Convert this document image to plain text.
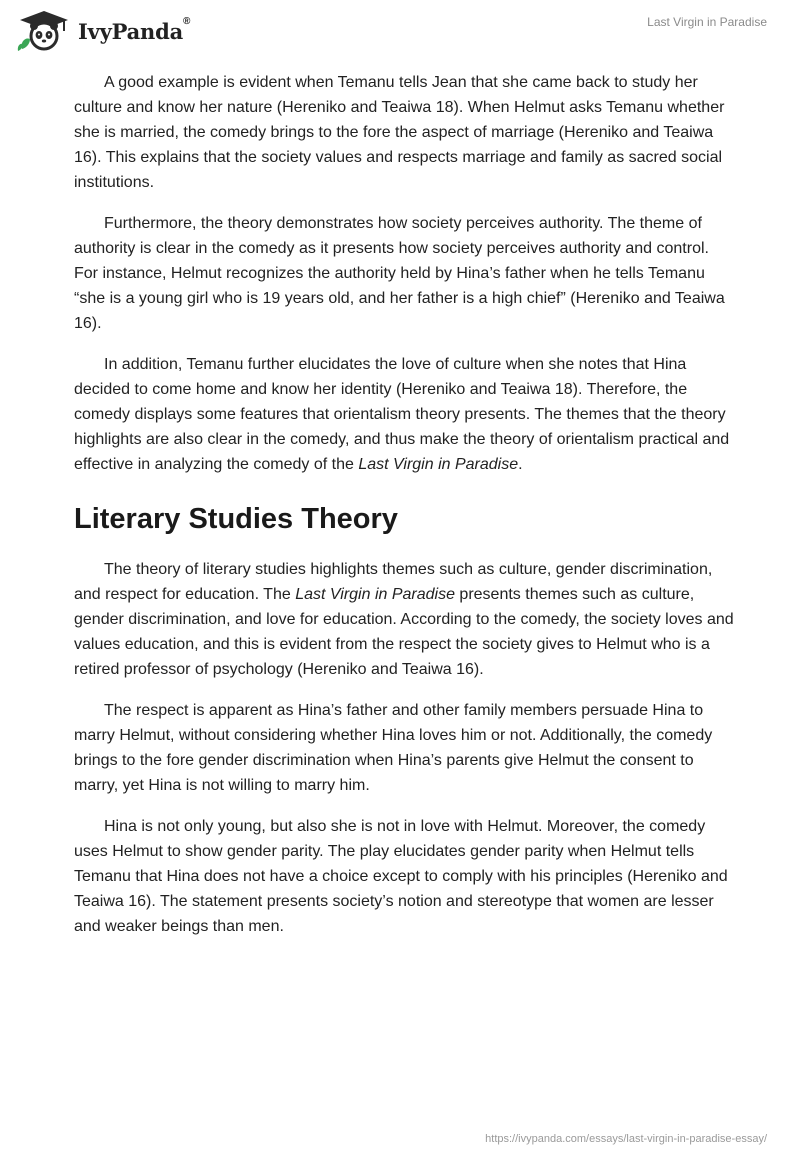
IvyPanda®	Last Virgin in Paradise

A good example is evident when Temanu tells Jean that she came back to study her culture and know her nature (Hereniko and Teaiwa 18). When Helmut asks Temanu whether she is married, the comedy brings to the fore the aspect of marriage (Hereniko and Teaiwa 16). This explains that the society values and respects marriage and family as sacred social institutions.

Furthermore, the theory demonstrates how society perceives authority. The theme of authority is clear in the comedy as it presents how society perceives authority and control. For instance, Helmut recognizes the authority held by Hina’s father when he tells Temanu “she is a young girl who is 19 years old, and her father is a high chief” (Hereniko and Teaiwa 16).

In addition, Temanu further elucidates the love of culture when she notes that Hina decided to come home and know her identity (Hereniko and Teaiwa 18). Therefore, the comedy displays some features that orientalism theory presents. The themes that the theory highlights are also clear in the comedy, and thus make the theory of orientalism practical and effective in analyzing the comedy of the Last Virgin in Paradise.

Literary Studies Theory

The theory of literary studies highlights themes such as culture, gender discrimination, and respect for education. The Last Virgin in Paradise presents themes such as culture, gender discrimination, and love for education. According to the comedy, the society loves and values education, and this is evident from the respect the society gives to Helmut who is a retired professor of psychology (Hereniko and Teaiwa 16).

The respect is apparent as Hina’s father and other family members persuade Hina to marry Helmut, without considering whether Hina loves him or not. Additionally, the comedy brings to the fore gender discrimination when Hina’s parents give Helmut the consent to marry, yet Hina is not willing to marry him.

Hina is not only young, but also she is not in love with Helmut. Moreover, the comedy uses Helmut to show gender parity. The play elucidates gender parity when Helmut tells Temanu that Hina does not have a choice except to comply with his principles (Hereniko and Teaiwa 16). The statement presents society’s notion and stereotype that women are lesser and weaker beings than men.

https://ivypanda.com/essays/last-virgin-in-paradise-essay/
